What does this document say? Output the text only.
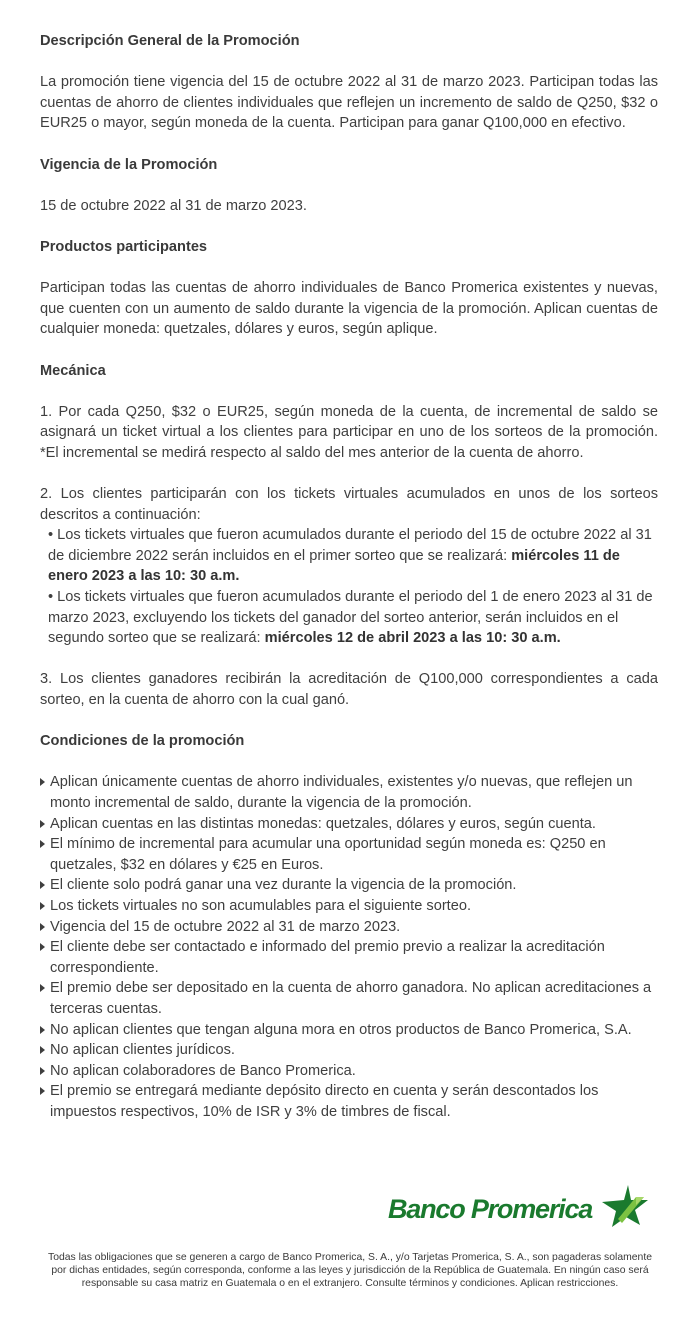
Descripción General de la Promoción

La promoción tiene vigencia del 15 de octubre 2022 al 31 de marzo 2023. Participan todas las cuentas de ahorro de clientes individuales que reflejen un incremento de saldo de Q250, $32 o EUR25 o mayor, según moneda de la cuenta. Participan para ganar Q100,000 en efectivo.

Vigencia de la Promoción

15 de octubre 2022 al 31 de marzo 2023.

Productos participantes

Participan todas las cuentas de ahorro individuales de Banco Promerica existentes y nuevas, que cuenten con un aumento de saldo durante la vigencia de la promoción. Aplican cuentas de cualquier moneda: quetzales, dólares y euros, según aplique.

Mecánica

1. Por cada Q250, $32 o EUR25, según moneda de la cuenta, de incremental de saldo se asignará un ticket virtual a los clientes para participar en uno de los sorteos de la promoción. *El incremental se medirá respecto al saldo del mes anterior de la cuenta de ahorro.

2. Los clientes participarán con los tickets virtuales acumulados en unos de los sorteos descritos a continuación:

• Los tickets virtuales que fueron acumulados durante el periodo del 15 de octubre 2022 al 31 de diciembre 2022 serán incluidos en el primer sorteo que se realizará: miércoles 11 de enero 2023 a las 10: 30 a.m.

• Los tickets virtuales que fueron acumulados durante el periodo del 1 de enero 2023 al 31 de marzo 2023, excluyendo los tickets del ganador del sorteo anterior, serán incluidos en el segundo sorteo que se realizará: miércoles 12 de abril 2023 a las 10: 30 a.m.

3. Los clientes ganadores recibirán la acreditación de Q100,000 correspondientes a cada sorteo, en la cuenta de ahorro con la cual ganó.

Condiciones de la promoción
Aplican únicamente cuentas de ahorro individuales, existentes y/o nuevas, que reflejen un monto incremental de saldo, durante la vigencia de la promoción.
Aplican cuentas en las distintas monedas: quetzales, dólares y euros, según cuenta.
El mínimo de incremental para acumular una oportunidad según moneda es: Q250 en quetzales, $32 en dólares y €25 en Euros.
El cliente solo podrá ganar una vez durante la vigencia de la promoción.
Los tickets virtuales no son acumulables para el siguiente sorteo.
Vigencia del 15 de octubre 2022 al 31 de marzo 2023.
El cliente debe ser contactado e informado del premio previo a realizar la acreditación correspondiente.
El premio debe ser depositado en la cuenta de ahorro ganadora. No aplican acreditaciones a terceras cuentas.
No aplican clientes que tengan alguna mora en otros productos de Banco Promerica, S.A.
No aplican clientes jurídicos.
No aplican colaboradores de Banco Promerica.
El premio se entregará mediante depósito directo en cuenta y serán descontados los impuestos respectivos, 10% de ISR y 3% de timbres de fiscal.
Banco Promerica

Todas las obligaciones que se generen a cargo de Banco Promerica, S. A., y/o Tarjetas Promerica, S. A., son pagaderas solamente por dichas entidades, según corresponda, conforme a las leyes y jurisdicción de la República de Guatemala. En ningún caso será responsable su casa matriz en Guatemala o en el extranjero. Consulte términos y condiciones. Aplican restricciones.
